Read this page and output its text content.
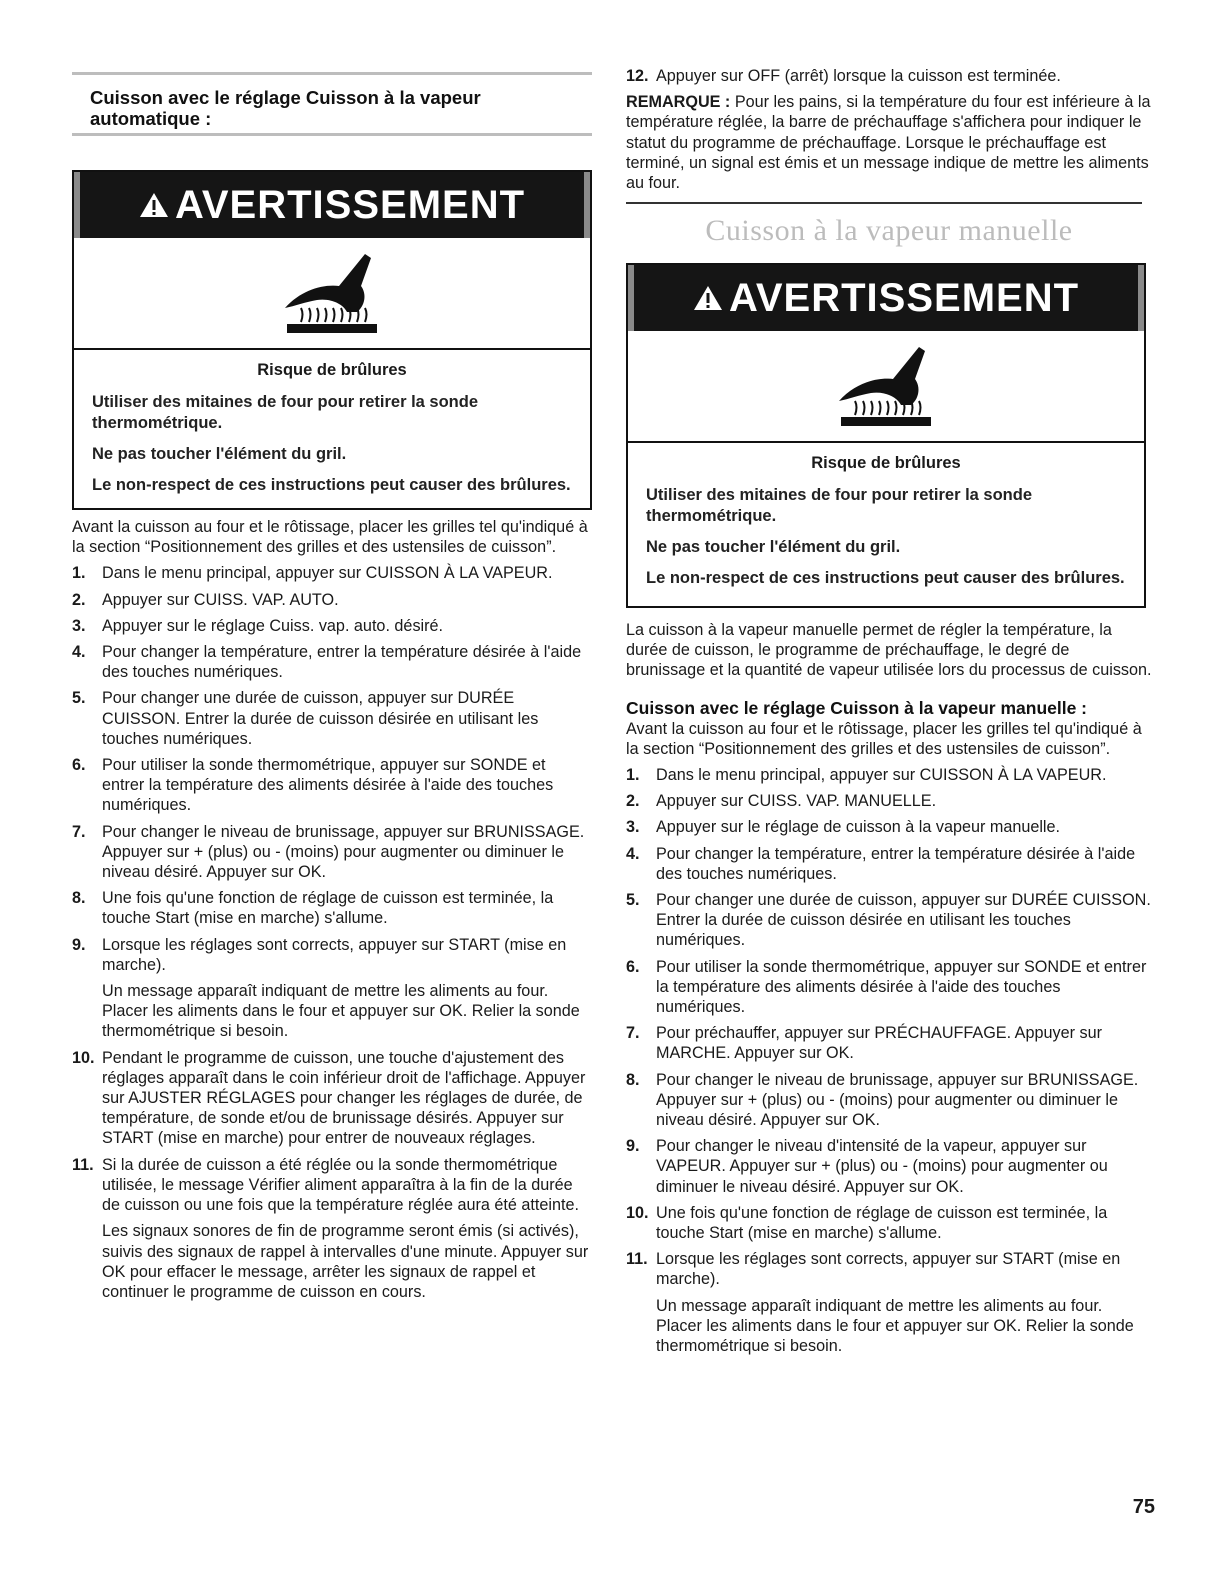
Cuisson avec le réglage Cuisson à la vapeur automatique :
AVERTISSEMENT

Risque de brûlures

Utiliser des mitaines de four pour retirer la sonde thermométrique.

Ne pas toucher l'élément du gril.

Le non-respect de ces instructions peut causer des brûlures.

Avant la cuisson au four et le rôtissage, placer les grilles tel qu'indiqué à la section “Positionnement des grilles et des ustensiles de cuisson”.

1. Dans le menu principal, appuyer sur CUISSON À LA VAPEUR.
2. Appuyer sur CUISS. VAP. AUTO.
3. Appuyer sur le réglage Cuiss. vap. auto. désiré.
4. Pour changer la température, entrer la température désirée à l'aide des touches numériques.
5. Pour changer une durée de cuisson, appuyer sur DURÉE CUISSON. Entrer la durée de cuisson désirée en utilisant les touches numériques.
6. Pour utiliser la sonde thermométrique, appuyer sur SONDE et entrer la température des aliments désirée à l'aide des touches numériques.
7. Pour changer le niveau de brunissage, appuyer sur BRUNISSAGE. Appuyer sur + (plus) ou - (moins) pour augmenter ou diminuer le niveau désiré. Appuyer sur OK.
8. Une fois qu'une fonction de réglage de cuisson est terminée, la touche Start (mise en marche) s'allume.
9. Lorsque les réglages sont corrects, appuyer sur START (mise en marche).
Un message apparaît indiquant de mettre les aliments au four. Placer les aliments dans le four et appuyer sur OK. Relier la sonde thermométrique si besoin.
10. Pendant le programme de cuisson, une touche d'ajustement des réglages apparaît dans le coin inférieur droit de l'affichage. Appuyer sur AJUSTER RÉGLAGES pour changer les réglages de durée, de température, de sonde et/ou de brunissage désirés. Appuyer sur START (mise en marche) pour entrer de nouveaux réglages.
11. Si la durée de cuisson a été réglée ou la sonde thermométrique utilisée, le message Vérifier aliment apparaîtra à la fin de la durée de cuisson ou une fois que la température réglée aura été atteinte.
Les signaux sonores de fin de programme seront émis (si activés), suivis des signaux de rappel à intervalles d'une minute. Appuyer sur OK pour effacer le message, arrêter les signaux de rappel et continuer le programme de cuisson en cours.
12. Appuyer sur OFF (arrêt) lorsque la cuisson est terminée.

REMARQUE : Pour les pains, si la température du four est inférieure à la température réglée, la barre de préchauffage s'affichera pour indiquer le statut du programme de préchauffage. Lorsque le préchauffage est terminé, un signal est émis et un message indique de mettre les aliments au four.

Cuisson à la vapeur manuelle
AVERTISSEMENT

Risque de brûlures

Utiliser des mitaines de four pour retirer la sonde thermométrique.

Ne pas toucher l'élément du gril.

Le non-respect de ces instructions peut causer des brûlures.

La cuisson à la vapeur manuelle permet de régler la température, la durée de cuisson, le programme de préchauffage, le degré de brunissage et la quantité de vapeur utilisée lors du processus de cuisson.

Cuisson avec le réglage Cuisson à la vapeur manuelle :

Avant la cuisson au four et le rôtissage, placer les grilles tel qu'indiqué à la section “Positionnement des grilles et des ustensiles de cuisson”.

1. Dans le menu principal, appuyer sur CUISSON À LA VAPEUR.
2. Appuyer sur CUISS. VAP. MANUELLE.
3. Appuyer sur le réglage de cuisson à la vapeur manuelle.
4. Pour changer la température, entrer la température désirée à l'aide des touches numériques.
5. Pour changer une durée de cuisson, appuyer sur DURÉE CUISSON. Entrer la durée de cuisson désirée en utilisant les touches numériques.
6. Pour utiliser la sonde thermométrique, appuyer sur SONDE et entrer la température des aliments désirée à l'aide des touches numériques.
7. Pour préchauffer, appuyer sur PRÉCHAUFFAGE. Appuyer sur MARCHE. Appuyer sur OK.
8. Pour changer le niveau de brunissage, appuyer sur BRUNISSAGE. Appuyer sur + (plus) ou - (moins) pour augmenter ou diminuer le niveau désiré. Appuyer sur OK.
9. Pour changer le niveau d'intensité de la vapeur, appuyer sur VAPEUR. Appuyer sur + (plus) ou - (moins) pour augmenter ou diminuer le niveau désiré. Appuyer sur OK.
10. Une fois qu'une fonction de réglage de cuisson est terminée, la touche Start (mise en marche) s'allume.
11. Lorsque les réglages sont corrects, appuyer sur START (mise en marche).
Un message apparaît indiquant de mettre les aliments au four. Placer les aliments dans le four et appuyer sur OK. Relier la sonde thermométrique si besoin.
75
